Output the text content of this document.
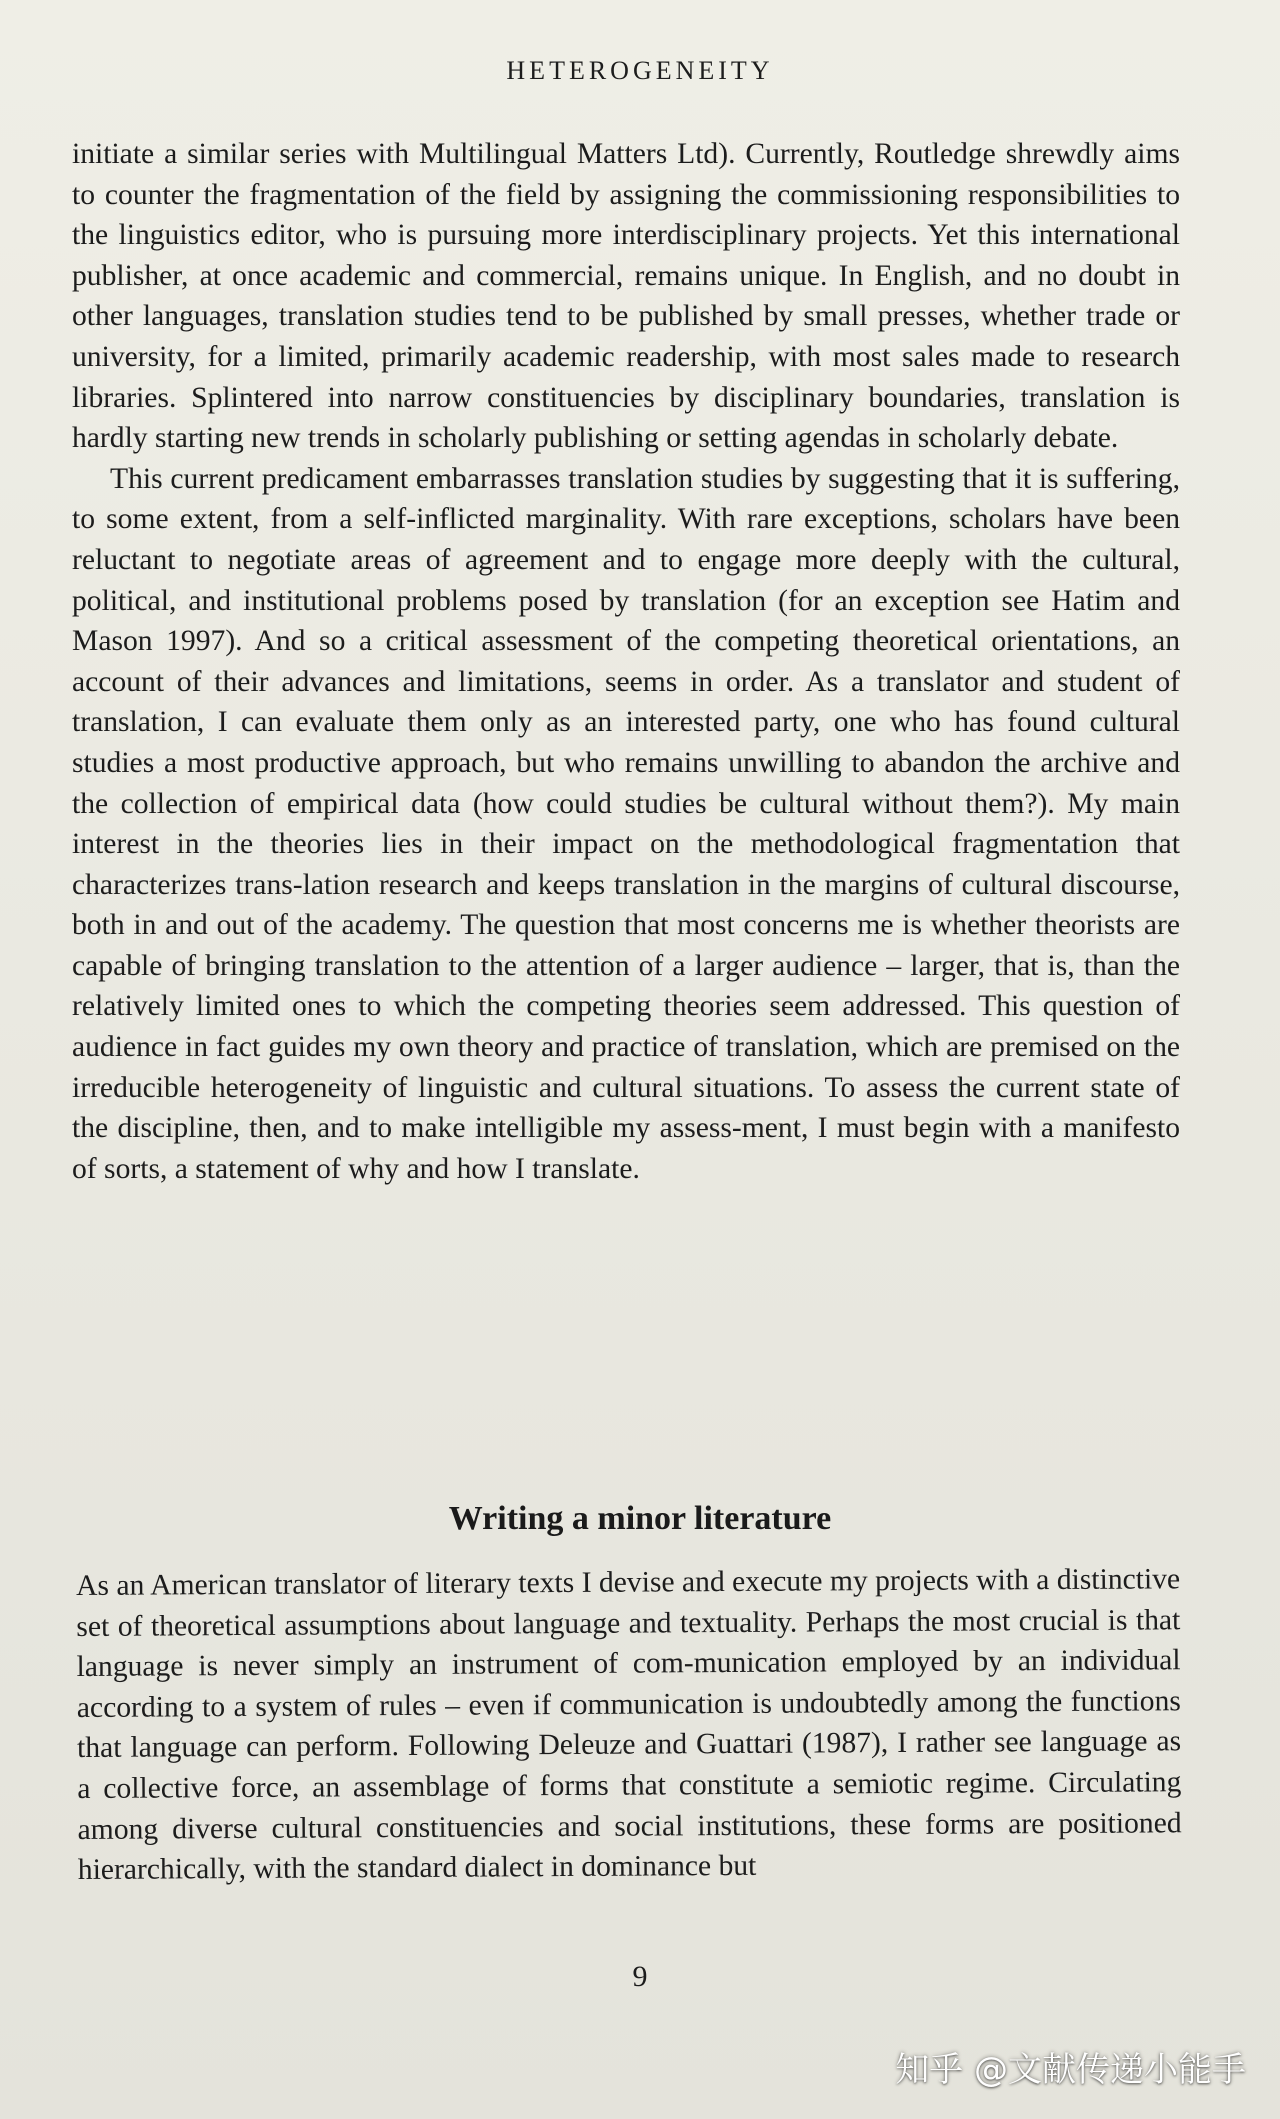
HETEROGENEITY

initiate a similar series with Multilingual Matters Ltd). Currently, Routledge shrewdly aims to counter the fragmentation of the field by assigning the commissioning responsibilities to the linguistics editor, who is pursuing more interdisciplinary projects. Yet this international publisher, at once academic and commercial, remains unique. In English, and no doubt in other languages, translation studies tend to be published by small presses, whether trade or university, for a limited, primarily academic readership, with most sales made to research libraries. Splintered into narrow constituencies by disciplinary boundaries, translation is hardly starting new trends in scholarly publishing or setting agendas in scholarly debate.

This current predicament embarrasses translation studies by suggesting that it is suffering, to some extent, from a self-inflicted marginality. With rare exceptions, scholars have been reluctant to negotiate areas of agreement and to engage more deeply with the cultural, political, and institutional problems posed by translation (for an exception see Hatim and Mason 1997). And so a critical assessment of the competing theoretical orientations, an account of their advances and limitations, seems in order. As a translator and student of translation, I can evaluate them only as an interested party, one who has found cultural studies a most productive approach, but who remains unwilling to abandon the archive and the collection of empirical data (how could studies be cultural without them?). My main interest in the theories lies in their impact on the methodological fragmentation that characterizes trans-lation research and keeps translation in the margins of cultural discourse, both in and out of the academy. The question that most concerns me is whether theorists are capable of bringing translation to the attention of a larger audience – larger, that is, than the relatively limited ones to which the competing theories seem addressed. This question of audience in fact guides my own theory and practice of translation, which are premised on the irreducible heterogeneity of linguistic and cultural situations. To assess the current state of the discipline, then, and to make intelligible my assess-ment, I must begin with a manifesto of sorts, a statement of why and how I translate.

Writing a minor literature

As an American translator of literary texts I devise and execute my projects with a distinctive set of theoretical assumptions about language and textuality. Perhaps the most crucial is that language is never simply an instrument of com-munication employed by an individual according to a system of rules – even if communication is undoubtedly among the functions that language can perform. Following Deleuze and Guattari (1987), I rather see language as a collective force, an assemblage of forms that constitute a semiotic regime. Circulating among diverse cultural constituencies and social institutions, these forms are positioned hierarchically, with the standard dialect in dominance but

9
知乎 @文献传递小能手
